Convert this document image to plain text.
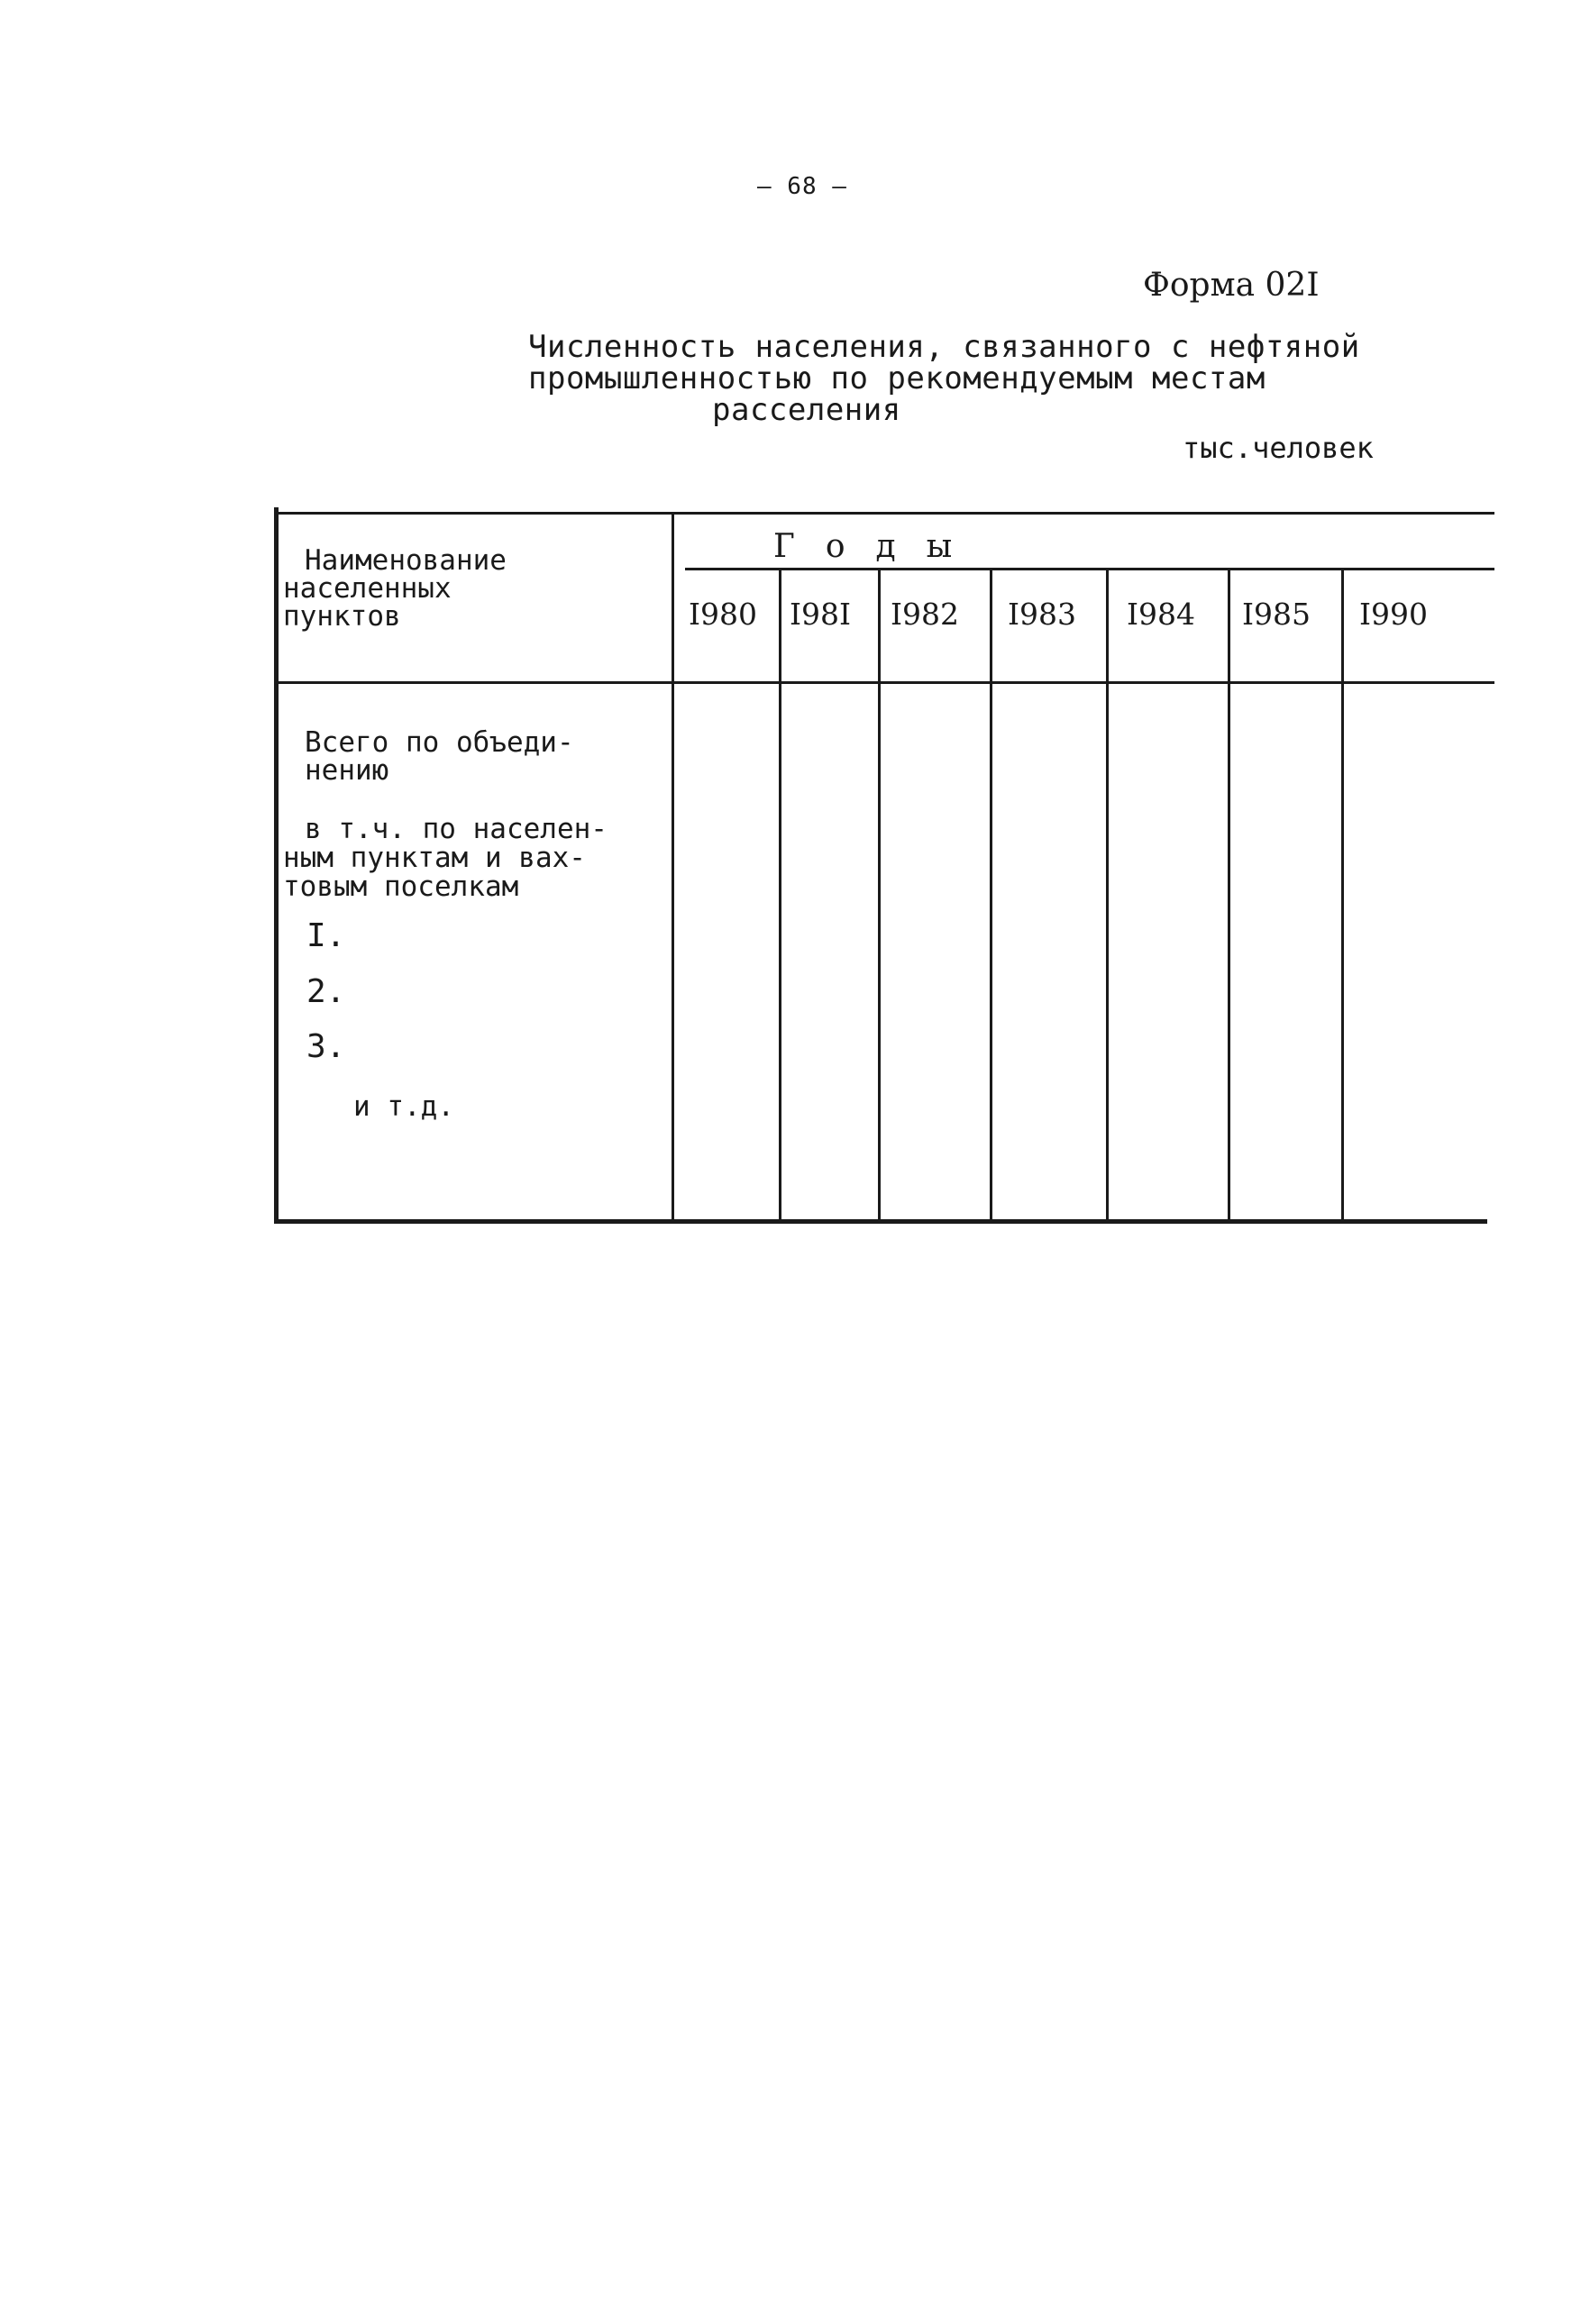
– 68 –
Форма 02I
Численность населения, связанного с нефтяной
промышленностью по рекомендуемым местам
расселения
тыс.человек
Наименование
населенных
пунктов
Годы
I980 I98I I982 I983 I984 I985 I990
Всего по объеди-
нению
в т.ч. по населен-
ным пунктам и вах-
товым поселкам
I.
2.
3.
и т.д.
